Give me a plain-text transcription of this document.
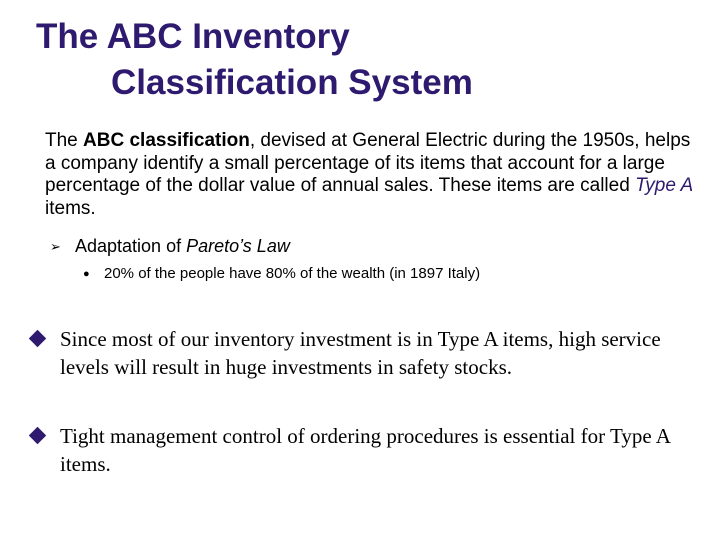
The ABC Inventory
Classification System

The ABC classification, devised at General Electric during the 1950s, helps a company identify a small percentage of its items that account for a large percentage of the dollar value of annual sales. These items are called Type A items.

➢ Adaptation of Pareto’s Law
● 20% of the people have 80% of the wealth (in 1897 Italy)
Since most of our inventory investment is in Type A items, high service levels will result in huge investments in safety stocks.
Tight management control of ordering procedures is essential for Type A items.
